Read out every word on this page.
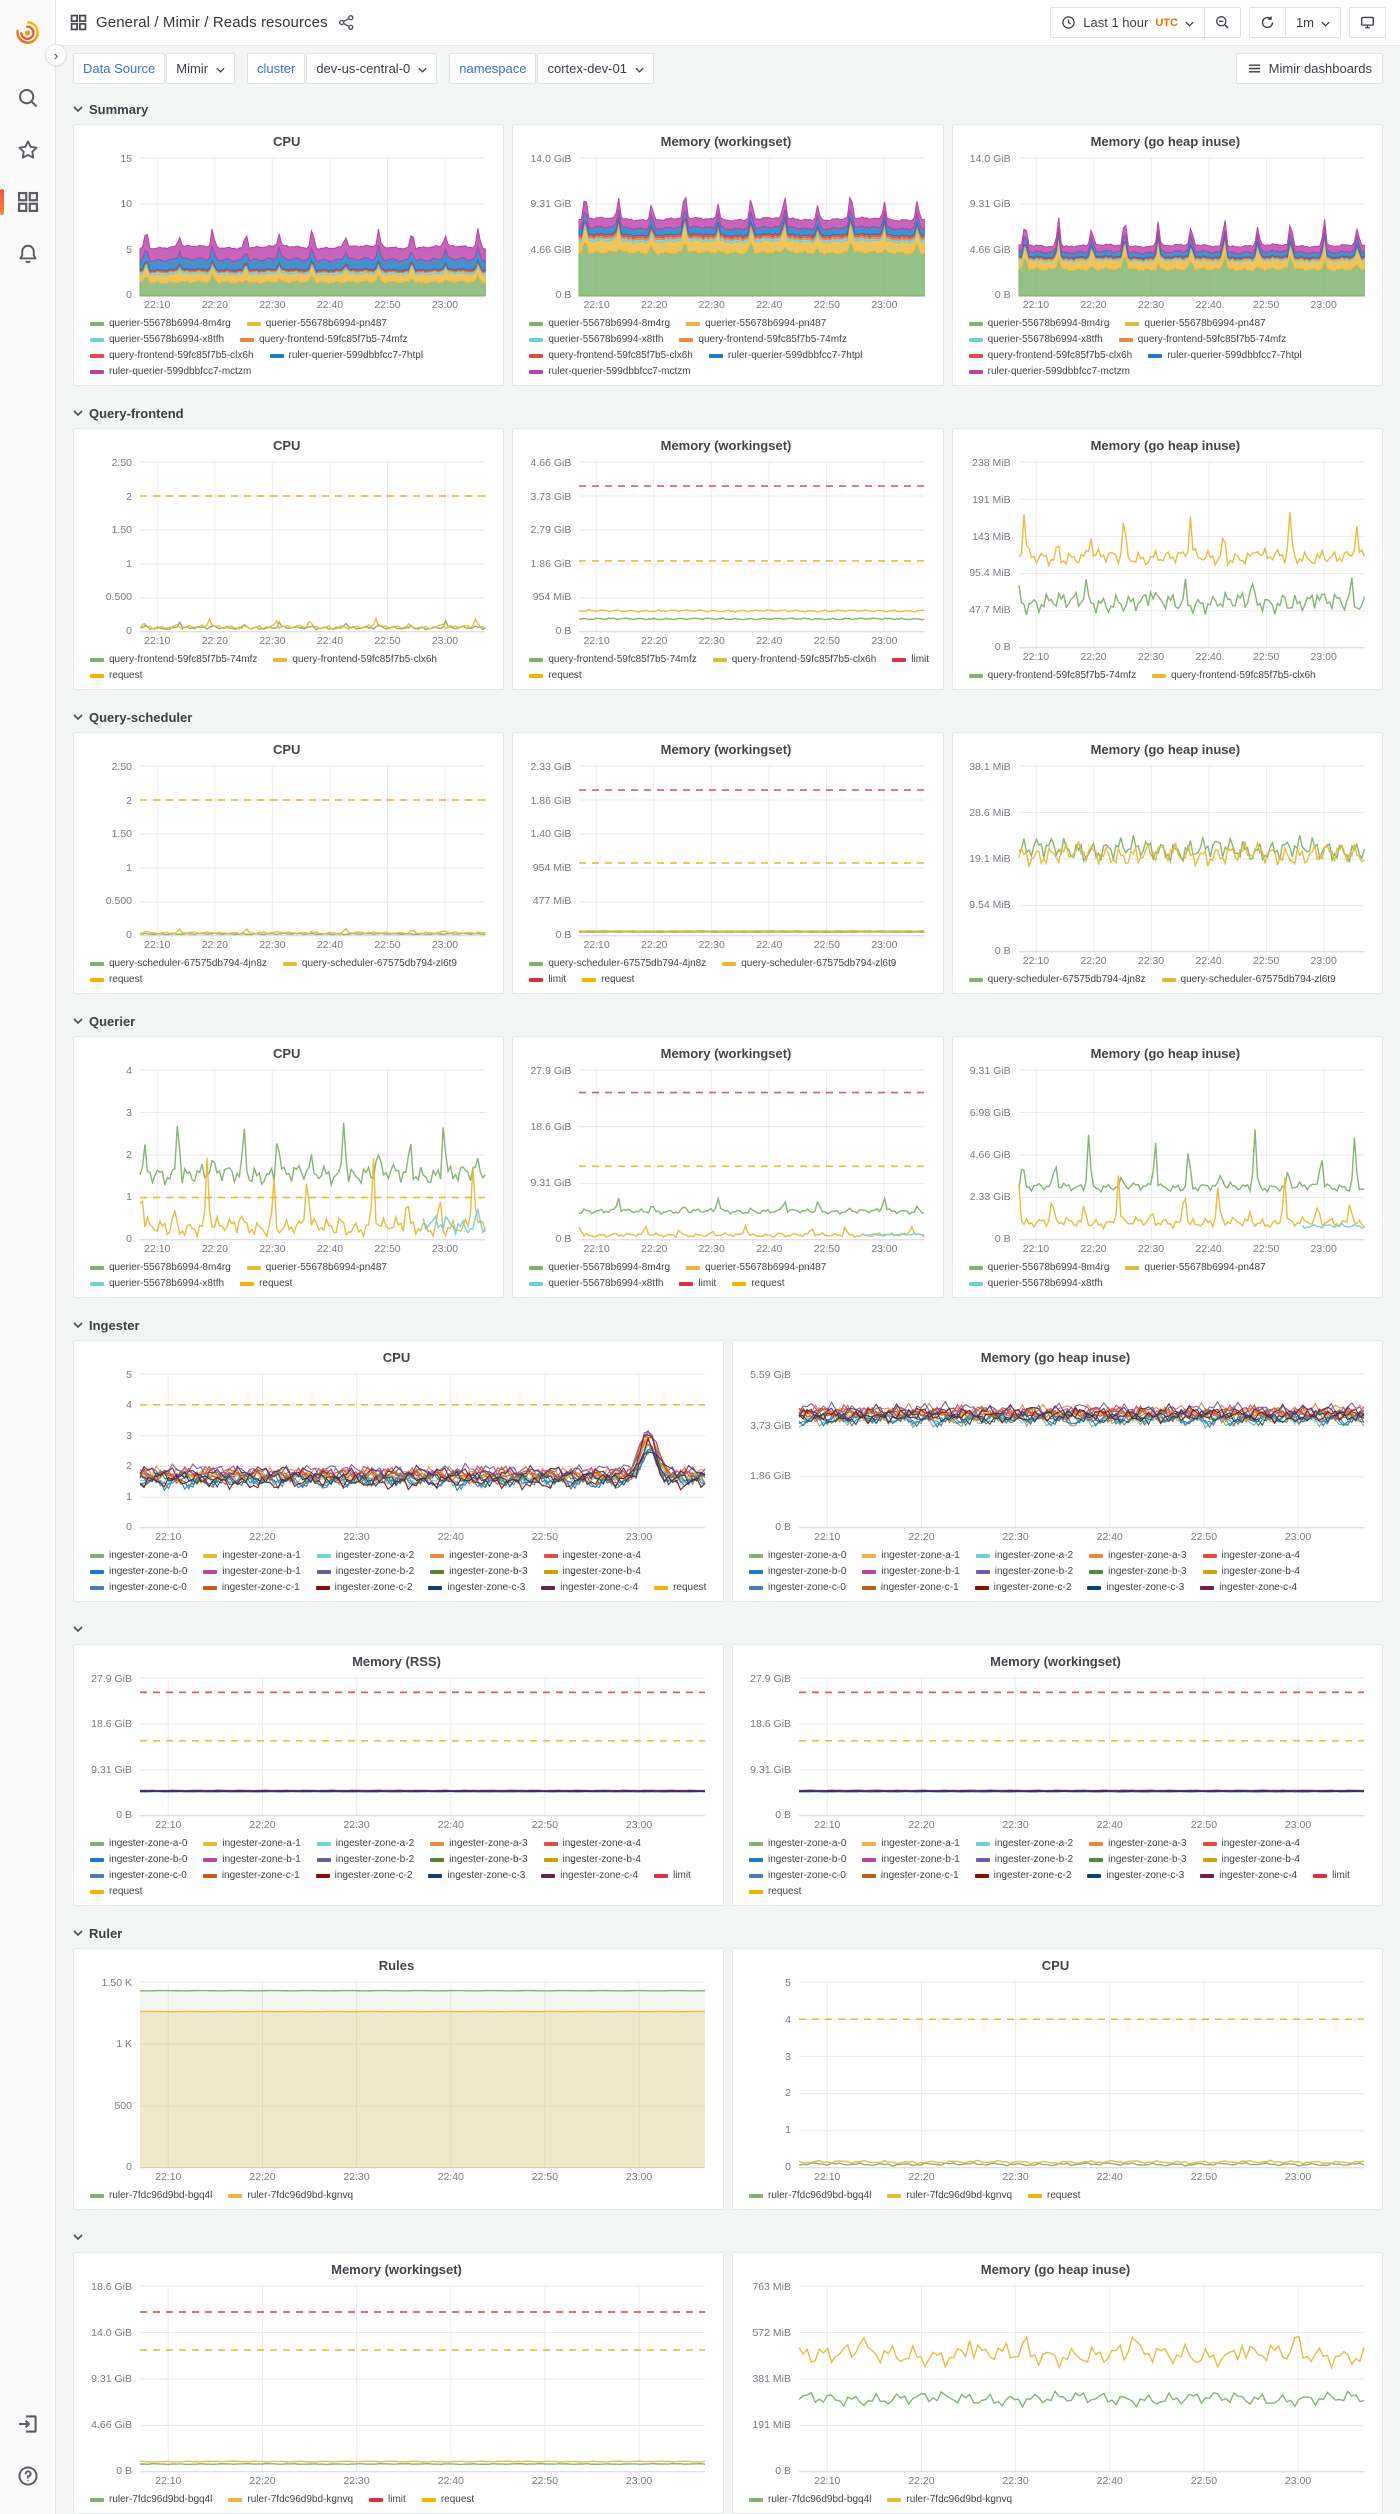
›
General / Mimir / Reads resources	Last 1 hour UTC	1m
Data Source	Mimir	cluster	dev-us-central-0	namespace	cortex-dev-01	Mimir dashboards
Summary
CPU
0
5
10
15
22:10	22:20	22:30	22:40	22:50	23:00
querier-55678b6994-8m4rg	querier-55678b6994-pn487
querier-55678b6994-x8tfh	query-frontend-59fc85f7b5-74mfz
query-frontend-59fc85f7b5-clx6h	ruler-querier-599dbbfcc7-7htpl
ruler-querier-599dbbfcc7-mctzm
Memory (workingset)
0 B
4.66 GiB
9.31 GiB
14.0 GiB
22:10	22:20	22:30	22:40	22:50	23:00
querier-55678b6994-8m4rg	querier-55678b6994-pn487
querier-55678b6994-x8tfh	query-frontend-59fc85f7b5-74mfz
query-frontend-59fc85f7b5-clx6h	ruler-querier-599dbbfcc7-7htpl
ruler-querier-599dbbfcc7-mctzm
Memory (go heap inuse)
0 B
4.66 GiB
9.31 GiB
14.0 GiB
22:10	22:20	22:30	22:40	22:50	23:00
querier-55678b6994-8m4rg	querier-55678b6994-pn487
querier-55678b6994-x8tfh	query-frontend-59fc85f7b5-74mfz
query-frontend-59fc85f7b5-clx6h	ruler-querier-599dbbfcc7-7htpl
ruler-querier-599dbbfcc7-mctzm
Query-frontend
CPU
0
0.500
1
1.50
2
2.50
22:10	22:20	22:30	22:40	22:50	23:00
query-frontend-59fc85f7b5-74mfz	query-frontend-59fc85f7b5-clx6h
request
Memory (workingset)
0 B
954 MiB
1.86 GiB
2.79 GiB
3.73 GiB
4.66 GiB
22:10	22:20	22:30	22:40	22:50	23:00
query-frontend-59fc85f7b5-74mfz	query-frontend-59fc85f7b5-clx6h	limit
request
Memory (go heap inuse)
0 B
47.7 MiB
95.4 MiB
143 MiB
191 MiB
238 MiB
22:10	22:20	22:30	22:40	22:50	23:00
query-frontend-59fc85f7b5-74mfz	query-frontend-59fc85f7b5-clx6h
Query-scheduler
CPU
0
0.500
1
1.50
2
2.50
22:10	22:20	22:30	22:40	22:50	23:00
query-scheduler-67575db794-4jn8z	query-scheduler-67575db794-zl6t9
request
Memory (workingset)
0 B
477 MiB
954 MiB
1.40 GiB
1.86 GiB
2.33 GiB
22:10	22:20	22:30	22:40	22:50	23:00
query-scheduler-67575db794-4jn8z	query-scheduler-67575db794-zl6t9
limit	request
Memory (go heap inuse)
0 B
9.54 MiB
19.1 MiB
28.6 MiB
38.1 MiB
22:10	22:20	22:30	22:40	22:50	23:00
query-scheduler-67575db794-4jn8z	query-scheduler-67575db794-zl6t9
Querier
CPU
0
1
2
3
4
22:10	22:20	22:30	22:40	22:50	23:00
querier-55678b6994-8m4rg	querier-55678b6994-pn487
querier-55678b6994-x8tfh	request
Memory (workingset)
0 B
9.31 GiB
18.6 GiB
27.9 GiB
22:10	22:20	22:30	22:40	22:50	23:00
querier-55678b6994-8m4rg	querier-55678b6994-pn487
querier-55678b6994-x8tfh	limit	request
Memory (go heap inuse)
0 B
2.33 GiB
4.66 GiB
6.98 GiB
9.31 GiB
22:10	22:20	22:30	22:40	22:50	23:00
querier-55678b6994-8m4rg	querier-55678b6994-pn487
querier-55678b6994-x8tfh
Ingester
CPU
0
1
2
3
4
5
22:10	22:20	22:30	22:40	22:50	23:00
ingester-zone-a-0	ingester-zone-a-1	ingester-zone-a-2	ingester-zone-a-3	ingester-zone-a-4
ingester-zone-b-0	ingester-zone-b-1	ingester-zone-b-2	ingester-zone-b-3	ingester-zone-b-4
ingester-zone-c-0	ingester-zone-c-1	ingester-zone-c-2	ingester-zone-c-3	ingester-zone-c-4	request
Memory (go heap inuse)
0 B
1.86 GiB
3.73 GiB
5.59 GiB
22:10	22:20	22:30	22:40	22:50	23:00
ingester-zone-a-0	ingester-zone-a-1	ingester-zone-a-2	ingester-zone-a-3	ingester-zone-a-4
ingester-zone-b-0	ingester-zone-b-1	ingester-zone-b-2	ingester-zone-b-3	ingester-zone-b-4
ingester-zone-c-0	ingester-zone-c-1	ingester-zone-c-2	ingester-zone-c-3	ingester-zone-c-4
Memory (RSS)
0 B
9.31 GiB
18.6 GiB
27.9 GiB
22:10	22:20	22:30	22:40	22:50	23:00
ingester-zone-a-0	ingester-zone-a-1	ingester-zone-a-2	ingester-zone-a-3	ingester-zone-a-4
ingester-zone-b-0	ingester-zone-b-1	ingester-zone-b-2	ingester-zone-b-3	ingester-zone-b-4
ingester-zone-c-0	ingester-zone-c-1	ingester-zone-c-2	ingester-zone-c-3	ingester-zone-c-4	limit
request
Memory (workingset)
0 B
9.31 GiB
18.6 GiB
27.9 GiB
22:10	22:20	22:30	22:40	22:50	23:00
ingester-zone-a-0	ingester-zone-a-1	ingester-zone-a-2	ingester-zone-a-3	ingester-zone-a-4
ingester-zone-b-0	ingester-zone-b-1	ingester-zone-b-2	ingester-zone-b-3	ingester-zone-b-4
ingester-zone-c-0	ingester-zone-c-1	ingester-zone-c-2	ingester-zone-c-3	ingester-zone-c-4	limit
request
Ruler
Rules
0
500
1 K
1.50 K
22:10	22:20	22:30	22:40	22:50	23:00
ruler-7fdc96d9bd-bgq4l	ruler-7fdc96d9bd-kgnvq
CPU
0
1
2
3
4
5
22:10	22:20	22:30	22:40	22:50	23:00
ruler-7fdc96d9bd-bgq4l	ruler-7fdc96d9bd-kgnvq	request
Memory (workingset)
0 B
4.66 GiB
9.31 GiB
14.0 GiB
18.6 GiB
22:10	22:20	22:30	22:40	22:50	23:00
ruler-7fdc96d9bd-bgq4l	ruler-7fdc96d9bd-kgnvq	limit	request
Memory (go heap inuse)
0 B
191 MiB
381 MiB
572 MiB
763 MiB
22:10	22:20	22:30	22:40	22:50	23:00
ruler-7fdc96d9bd-bgq4l	ruler-7fdc96d9bd-kgnvq
